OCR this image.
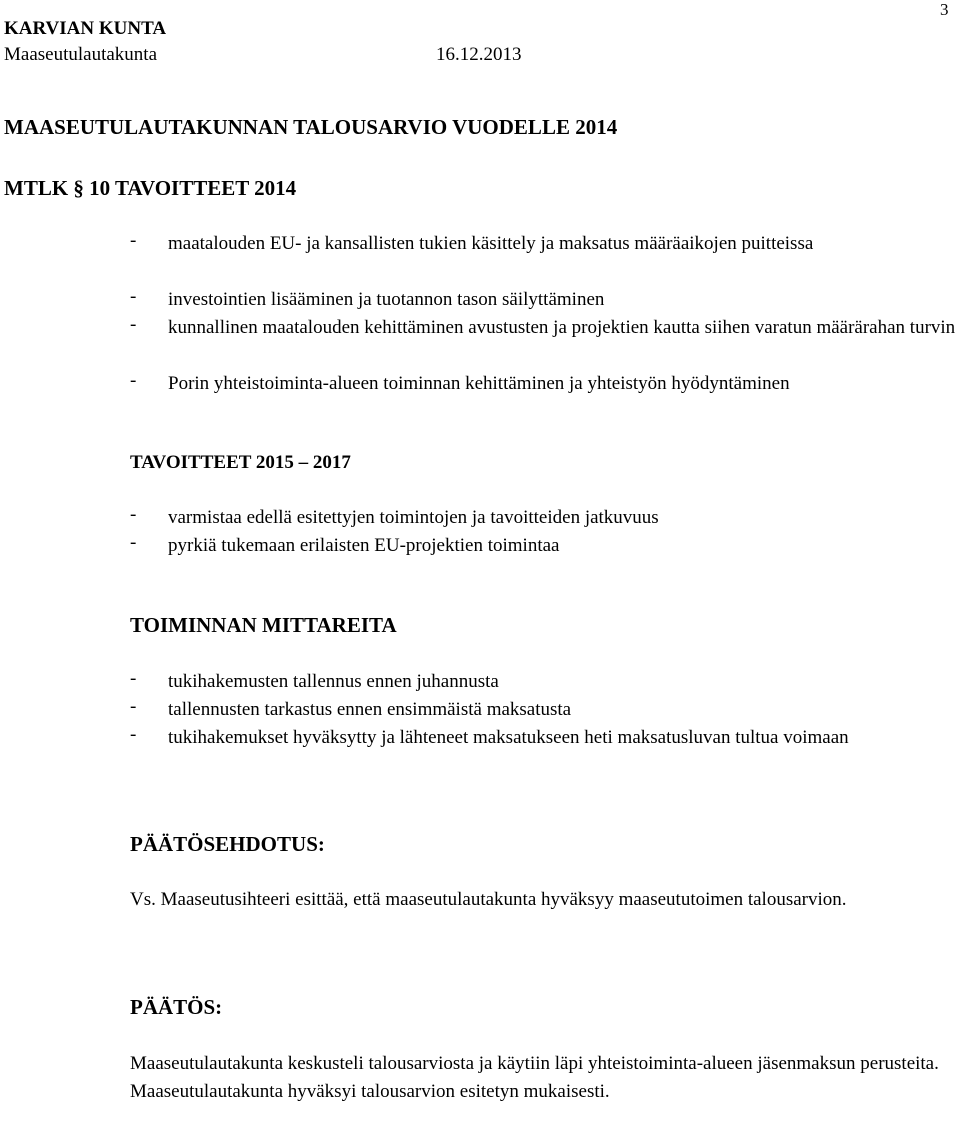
3
KARVIAN KUNTA
Maaseutulautakunta	16.12.2013
MAASEUTULAUTAKUNNAN TALOUSARVIO VUODELLE 2014
MTLK § 10 TAVOITTEET 2014
- maatalouden EU- ja kansallisten tukien käsittely ja maksatus määräaikojen puitteissa
- investointien lisääminen ja tuotannon tason säilyttäminen
- kunnallinen maatalouden kehittäminen avustusten ja projektien kautta siihen varatun määrärahan turvin
- Porin yhteistoiminta-alueen toiminnan kehittäminen ja yhteistyön hyödyntäminen
TAVOITTEET 2015 – 2017
- varmistaa edellä esitettyjen toimintojen ja tavoitteiden jatkuvuus
- pyrkiä tukemaan erilaisten EU-projektien toimintaa
TOIMINNAN MITTAREITA
- tukihakemusten tallennus ennen juhannusta
- tallennusten tarkastus ennen ensimmäistä maksatusta
- tukihakemukset hyväksytty ja lähteneet maksatukseen heti maksatusluvan tultua voimaan
PÄÄTÖSEHDOTUS:
Vs. Maaseutusihteeri esittää, että maaseutulautakunta hyväksyy maaseututoimen talousarvion.
PÄÄTÖS:
Maaseutulautakunta keskusteli talousarviosta ja käytiin läpi yhteistoiminta-alueen jäsenmaksun perusteita. Maaseutulautakunta hyväksyi talousarvion esitetyn mukaisesti.
